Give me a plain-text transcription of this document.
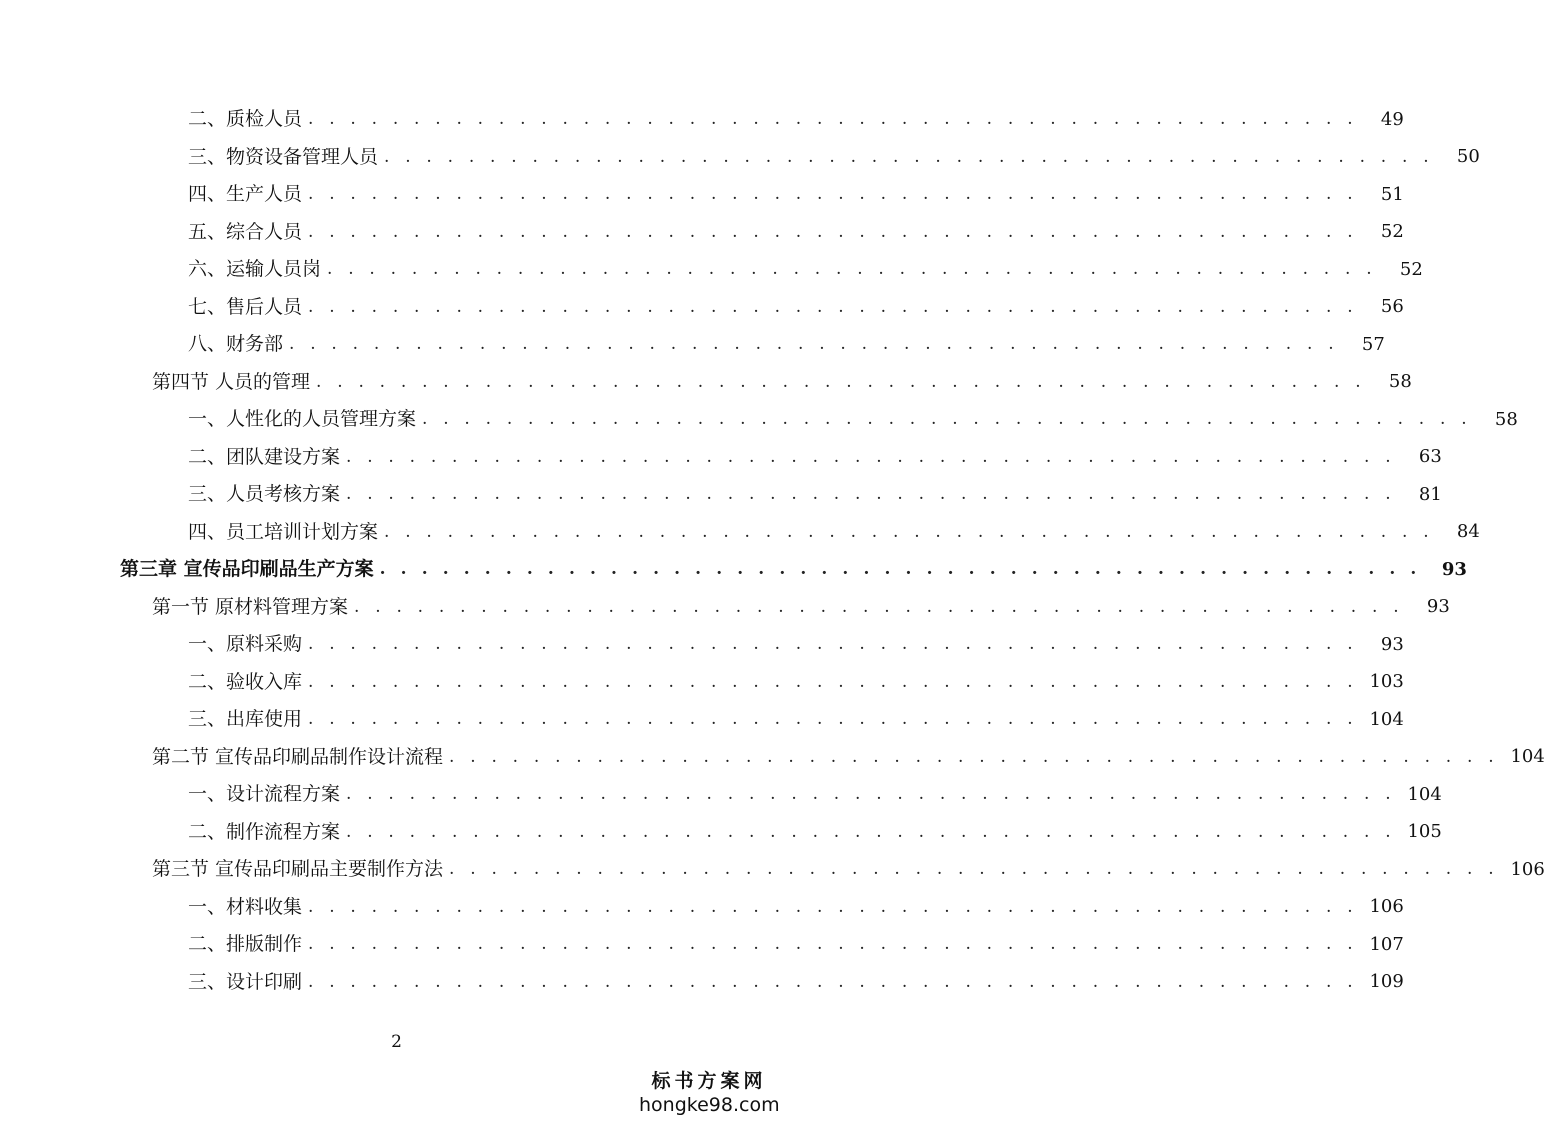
二、质检人员 . . . . . . . . . . . . . . . . . . . . . . . . . . . . . . . . . . . . . . . . . . . . . . . . . .	49
三、物资设备管理人员 . . . . . . . . . . . . . . . . . . . . . . . . . . . . . . . . . . . . . . . . . . . . . . . . . .	50
四、生产人员 . . . . . . . . . . . . . . . . . . . . . . . . . . . . . . . . . . . . . . . . . . . . . . . . . .	51
五、综合人员 . . . . . . . . . . . . . . . . . . . . . . . . . . . . . . . . . . . . . . . . . . . . . . . . . .	52
六、运输人员岗 . . . . . . . . . . . . . . . . . . . . . . . . . . . . . . . . . . . . . . . . . . . . . . . . . .	52
七、售后人员 . . . . . . . . . . . . . . . . . . . . . . . . . . . . . . . . . . . . . . . . . . . . . . . . . .	56
八、财务部 . . . . . . . . . . . . . . . . . . . . . . . . . . . . . . . . . . . . . . . . . . . . . . . . . .	57
第四节 人员的管理 . . . . . . . . . . . . . . . . . . . . . . . . . . . . . . . . . . . . . . . . . . . . . . . . . .	58
一、人性化的人员管理方案 . . . . . . . . . . . . . . . . . . . . . . . . . . . . . . . . . . . . . . . . . . . . . . . . . .	58
二、团队建设方案 . . . . . . . . . . . . . . . . . . . . . . . . . . . . . . . . . . . . . . . . . . . . . . . . . .	63
三、人员考核方案 . . . . . . . . . . . . . . . . . . . . . . . . . . . . . . . . . . . . . . . . . . . . . . . . . .	81
四、员工培训计划方案 . . . . . . . . . . . . . . . . . . . . . . . . . . . . . . . . . . . . . . . . . . . . . . . . . .	84
第三章 宣传品印刷品生产方案 . . . . . . . . . . . . . . . . . . . . . . . . . . . . . . . . . . . . . . . . . . . . . . . . . .	93
第一节 原材料管理方案 . . . . . . . . . . . . . . . . . . . . . . . . . . . . . . . . . . . . . . . . . . . . . . . . . .	93
一、原料采购 . . . . . . . . . . . . . . . . . . . . . . . . . . . . . . . . . . . . . . . . . . . . . . . . . .	93
二、验收入库 . . . . . . . . . . . . . . . . . . . . . . . . . . . . . . . . . . . . . . . . . . . . . . . . . . 103
三、出库使用 . . . . . . . . . . . . . . . . . . . . . . . . . . . . . . . . . . . . . . . . . . . . . . . . . . 104
第二节 宣传品印刷品制作设计流程 . . . . . . . . . . . . . . . . . . . . . . . . . . . . . . . . . . . . . . . . . . . . . . . . . . 104
一、设计流程方案 . . . . . . . . . . . . . . . . . . . . . . . . . . . . . . . . . . . . . . . . . . . . . . . . . . 104
二、制作流程方案 . . . . . . . . . . . . . . . . . . . . . . . . . . . . . . . . . . . . . . . . . . . . . . . . . . 105
第三节 宣传品印刷品主要制作方法 . . . . . . . . . . . . . . . . . . . . . . . . . . . . . . . . . . . . . . . . . . . . . . . . . . 106
一、材料收集 . . . . . . . . . . . . . . . . . . . . . . . . . . . . . . . . . . . . . . . . . . . . . . . . . . 106
二、排版制作 . . . . . . . . . . . . . . . . . . . . . . . . . . . . . . . . . . . . . . . . . . . . . . . . . . 107
三、设计印刷 . . . . . . . . . . . . . . . . . . . . . . . . . . . . . . . . . . . . . . . . . . . . . . . . . . 109
2
标书方案网
hongke98.com
